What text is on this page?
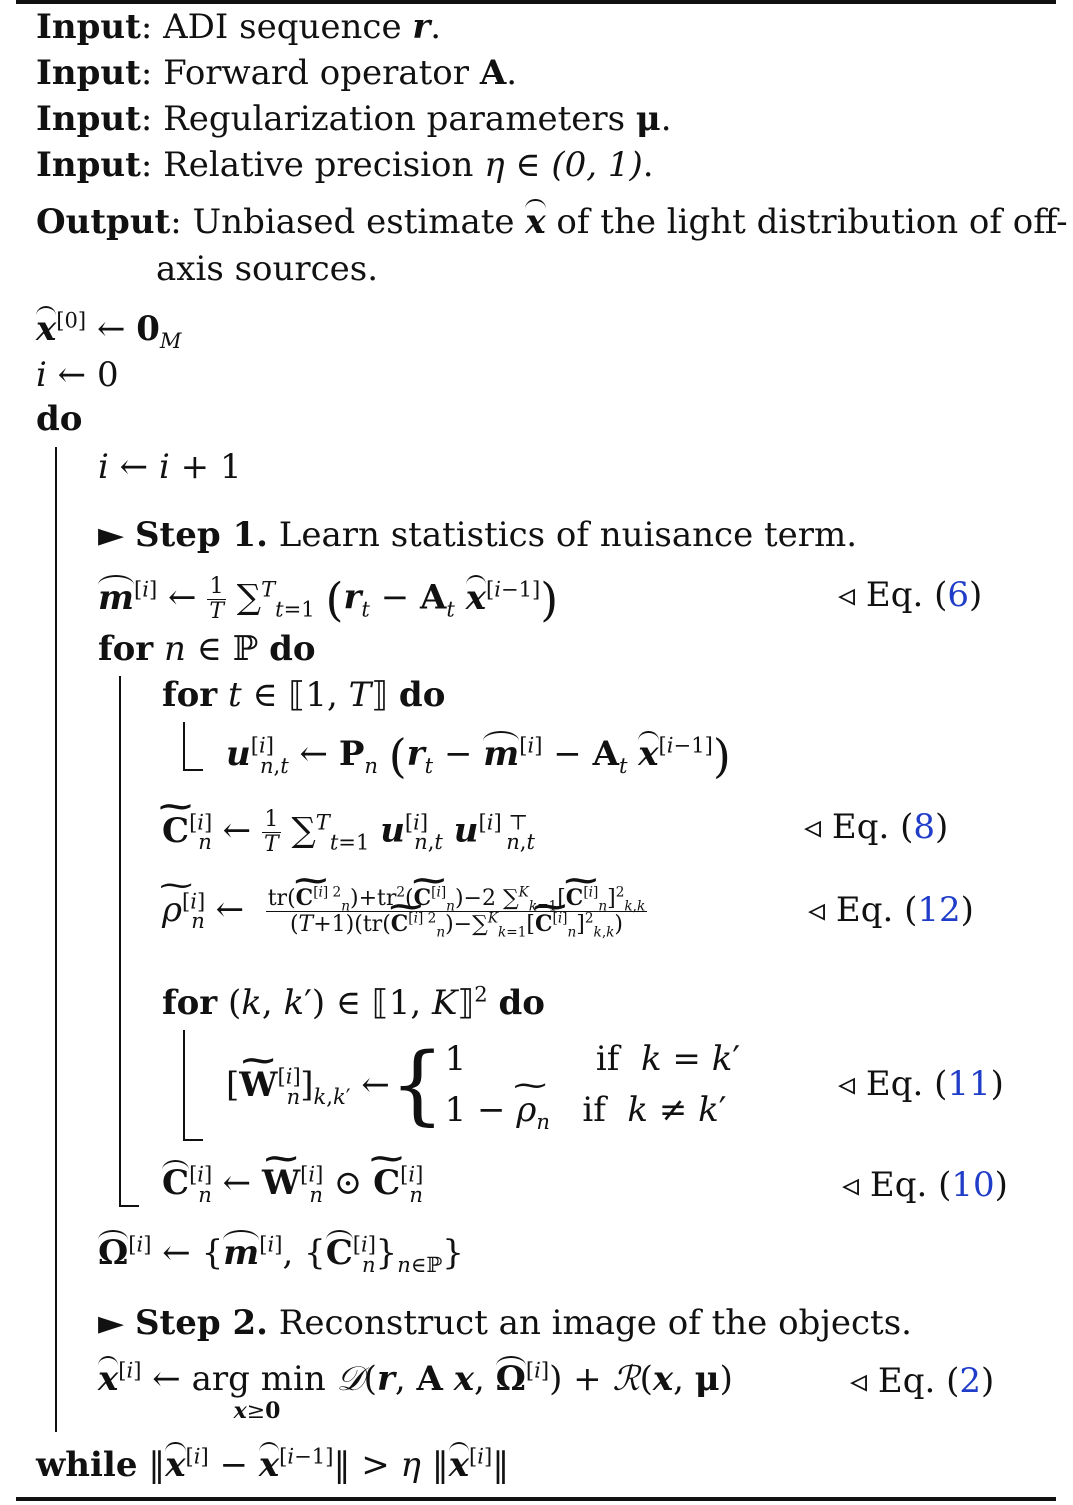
Input: ADI sequence r.
Input: Forward operator A.
Input: Regularization parameters μ.
Input: Relative precision η ∈ (0, 1).
Output: Unbiased estimate x of the light distribution of off-
axis sources.
x[0] ← $0_M$
i ← 0
do
i ← i + 1
► Step 1. Learn statistics of nuisance term.
m[i] ← $\frac{1}{T} \sum^T_{t=1}$ ($r_t - A_t$ x[i−1])	◃ Eq. (6)
for n ∈ ℙ do
for t ∈ ⟦1, T⟧ do
$u[i]_{n,t}$ ← $P_n$ ($r_t - m[i] - A_t$ x[i−1])
~ $C[i]_n$ ← $\frac{1}{T} \sum^T_{t=1}$ $u[i]_{n,t}$ $u^{[i] ⊤}_{n,t}$	◃ Eq. (8)
~ $\rho[i]_n$ ← $\frac{tr(\sim C^{[i] 2}_n)+tr^2(\sim C^{[i]}_n)-2 \sum^K_{k=1}[\sim C^{[i]}_n]^2_{k,k}}{(T+1)(tr(\sim C^{[i] 2}_n)-\sum^K_{k=1}[\sim C^{[i]}_n]^2_{k,k})}$	◃ Eq. (12)
for (k, k′) ∈ ⟦1, K⟧$^2$ do
[~ $W[i]_n]_{k,k'}$ ←{1            if  k = k′
1 − ~ $\rho_n$   if  k ≠ k′
◃ Eq. (11)
$C[i]_n$ ← ~ $W[i]_n$ ⊙ ~ $C[i]_n$	◃ Eq. (10)
Ω[i] ← {m[i], $\{C[i]_n\}_{n\in ℙ}$}
► Step 2. Reconstruct an image of the objects.
x[i] ← arg min
x≥0
𝒟(r, A x, Ω[i]) + ℛ(x, μ)	◃ Eq. (2)
while ‖x[i] − x[i−1]‖ > η ‖x[i]‖
